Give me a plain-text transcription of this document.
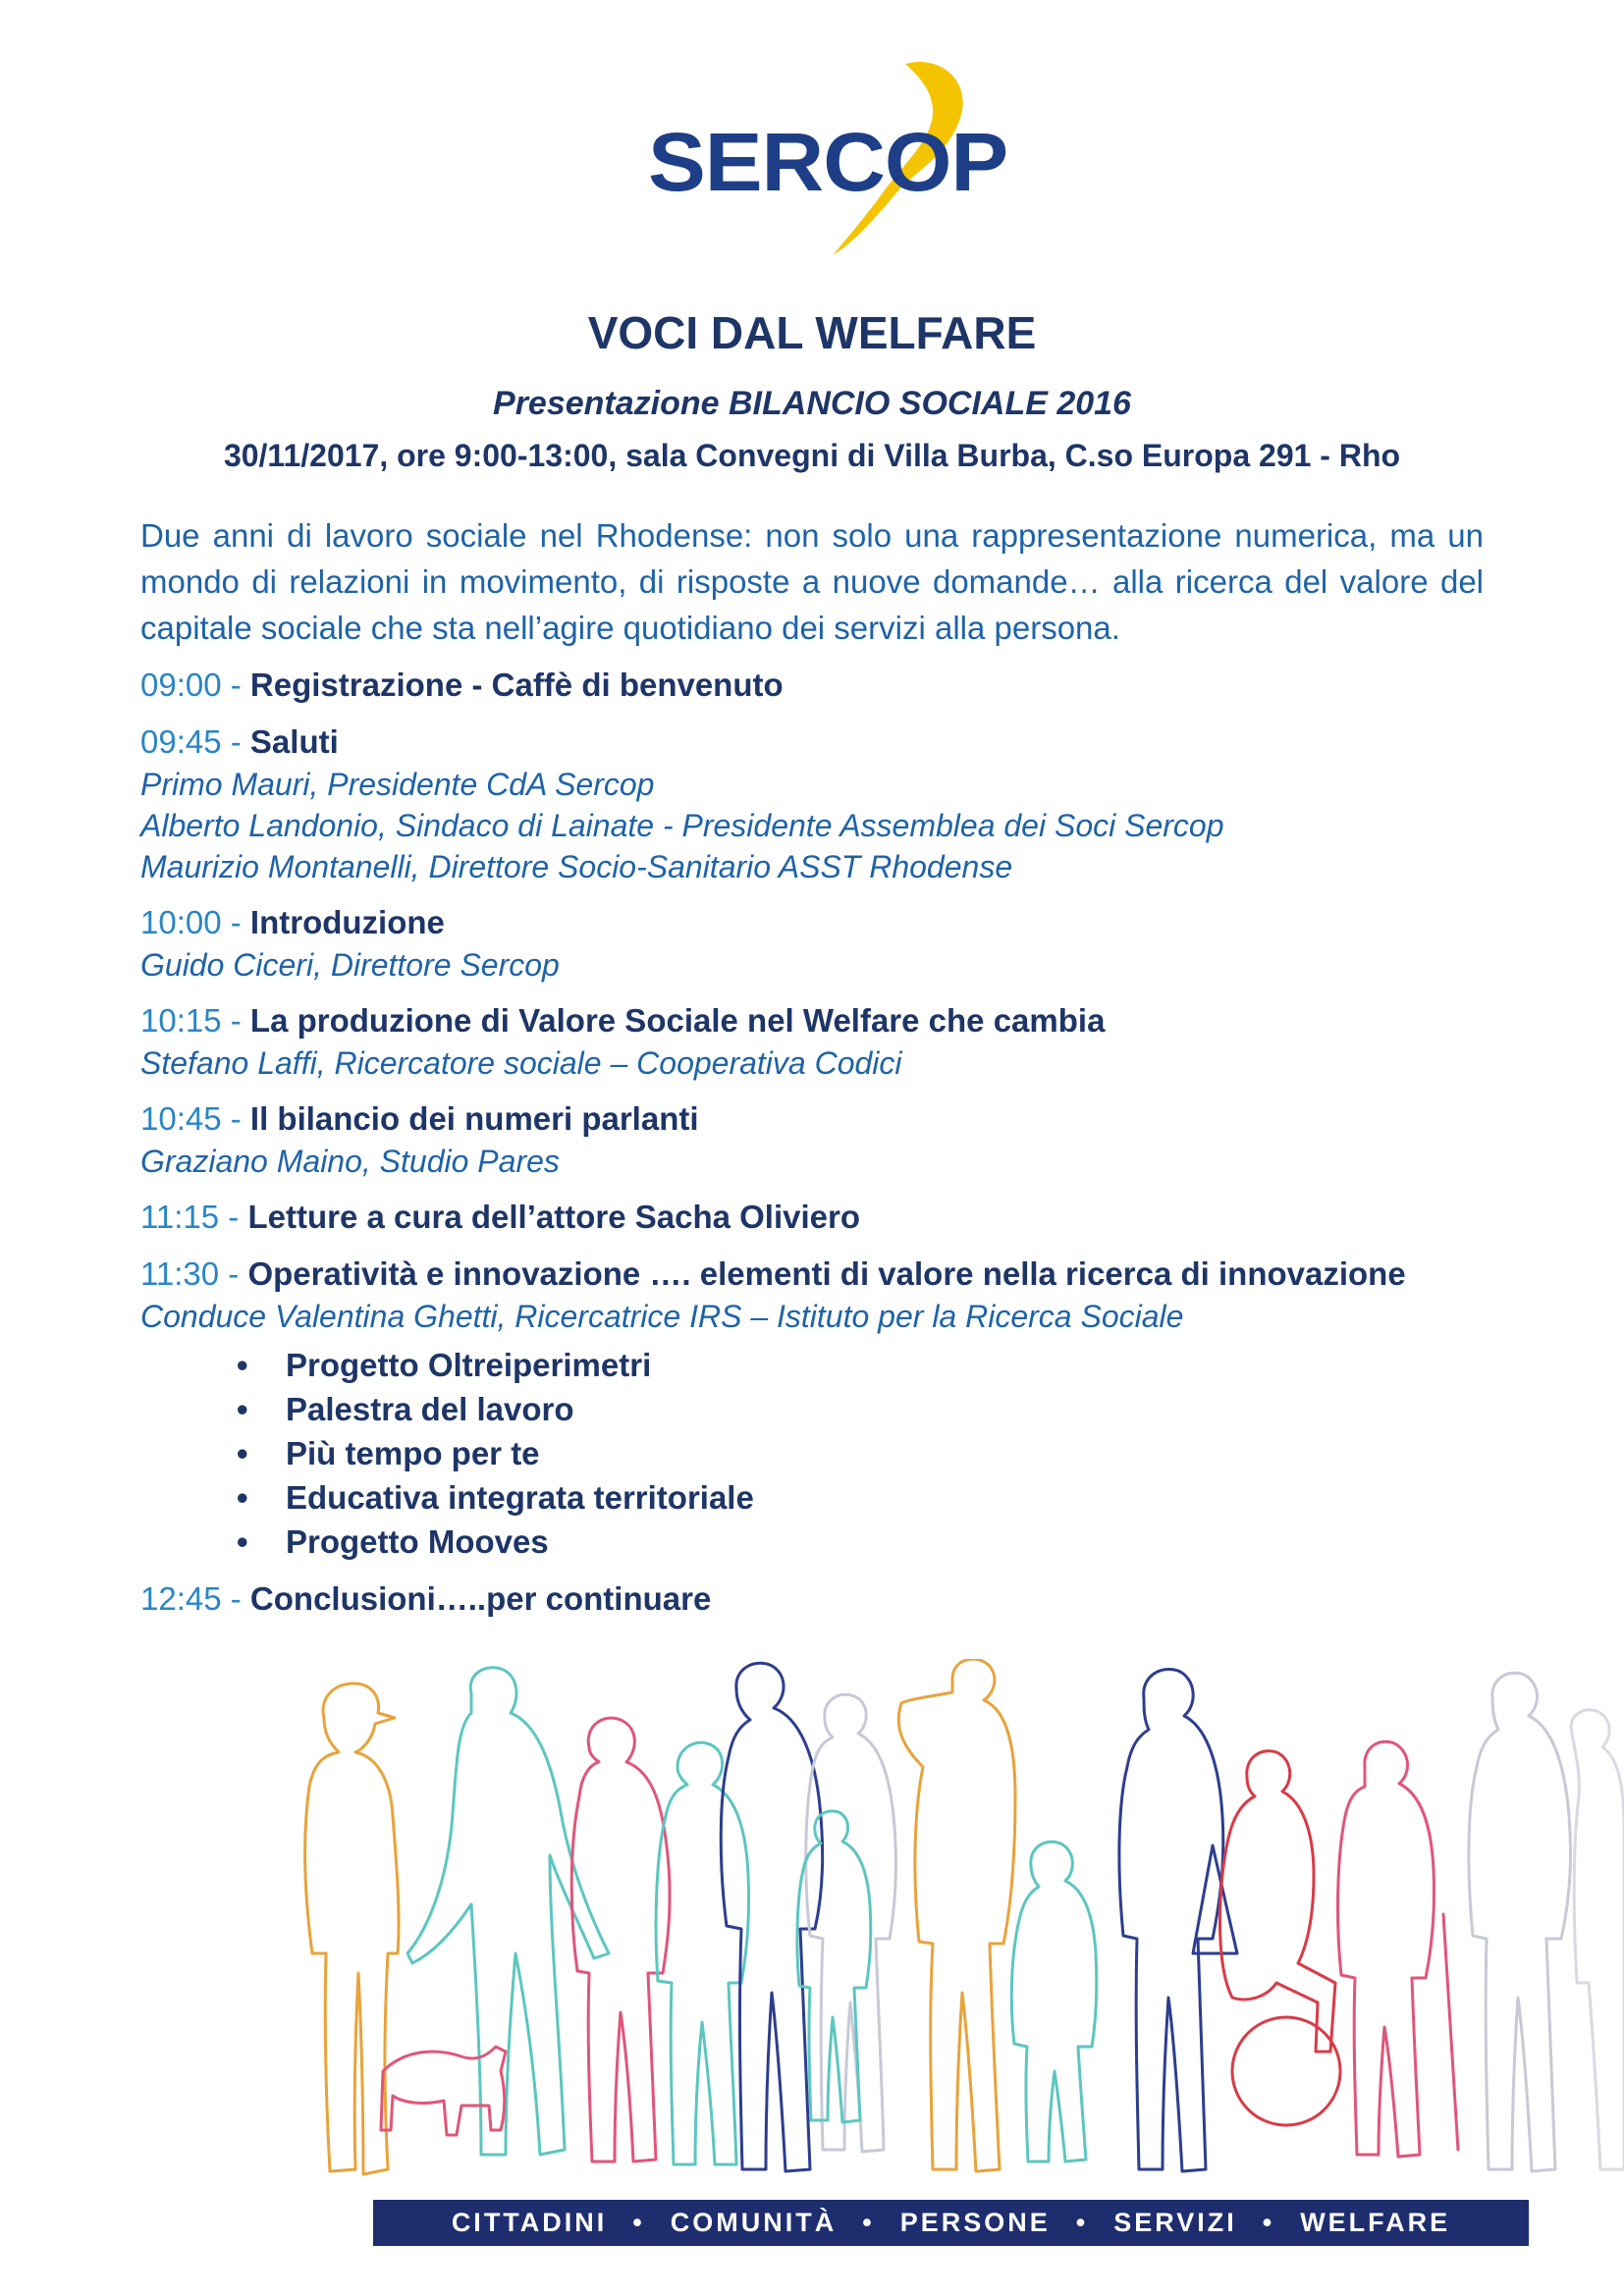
SERCOP
VOCI DAL WELFARE
Presentazione BILANCIO SOCIALE 2016
30/11/2017, ore 9:00-13:00, sala Convegni di Villa Burba, C.so Europa 291 - Rho
Due anni di lavoro sociale nel Rhodense: non solo una rappresentazione numerica, ma un mondo di relazioni in movimento, di risposte a nuove domande… alla ricerca del valore del capitale sociale che sta nell’agire quotidiano dei servizi alla persona.
09:00 - Registrazione - Caffè di benvenuto
09:45 - Saluti
Primo Mauri, Presidente CdA Sercop
Alberto Landonio, Sindaco di Lainate - Presidente Assemblea dei Soci Sercop
Maurizio Montanelli, Direttore Socio-Sanitario ASST Rhodense
10:00 - Introduzione
Guido Ciceri, Direttore Sercop
10:15 - La produzione di Valore Sociale nel Welfare che cambia
Stefano Laffi, Ricercatore sociale – Cooperativa Codici
10:45 - Il bilancio dei numeri parlanti
Graziano Maino, Studio Pares
11:15 - Letture a cura dell’attore Sacha Oliviero
11:30 - Operatività e innovazione …. elementi di valore nella ricerca di innovazione
Conduce Valentina Ghetti, Ricercatrice IRS – Istituto per la Ricerca Sociale
• Progetto Oltreiperimetri
• Palestra del lavoro
• Più tempo per te
• Educativa integrata territoriale
• Progetto Mooves
12:45 - Conclusioni…..per continuare
CITTADINI • COMUNITÀ • PERSONE • SERVIZI • WELFARE
